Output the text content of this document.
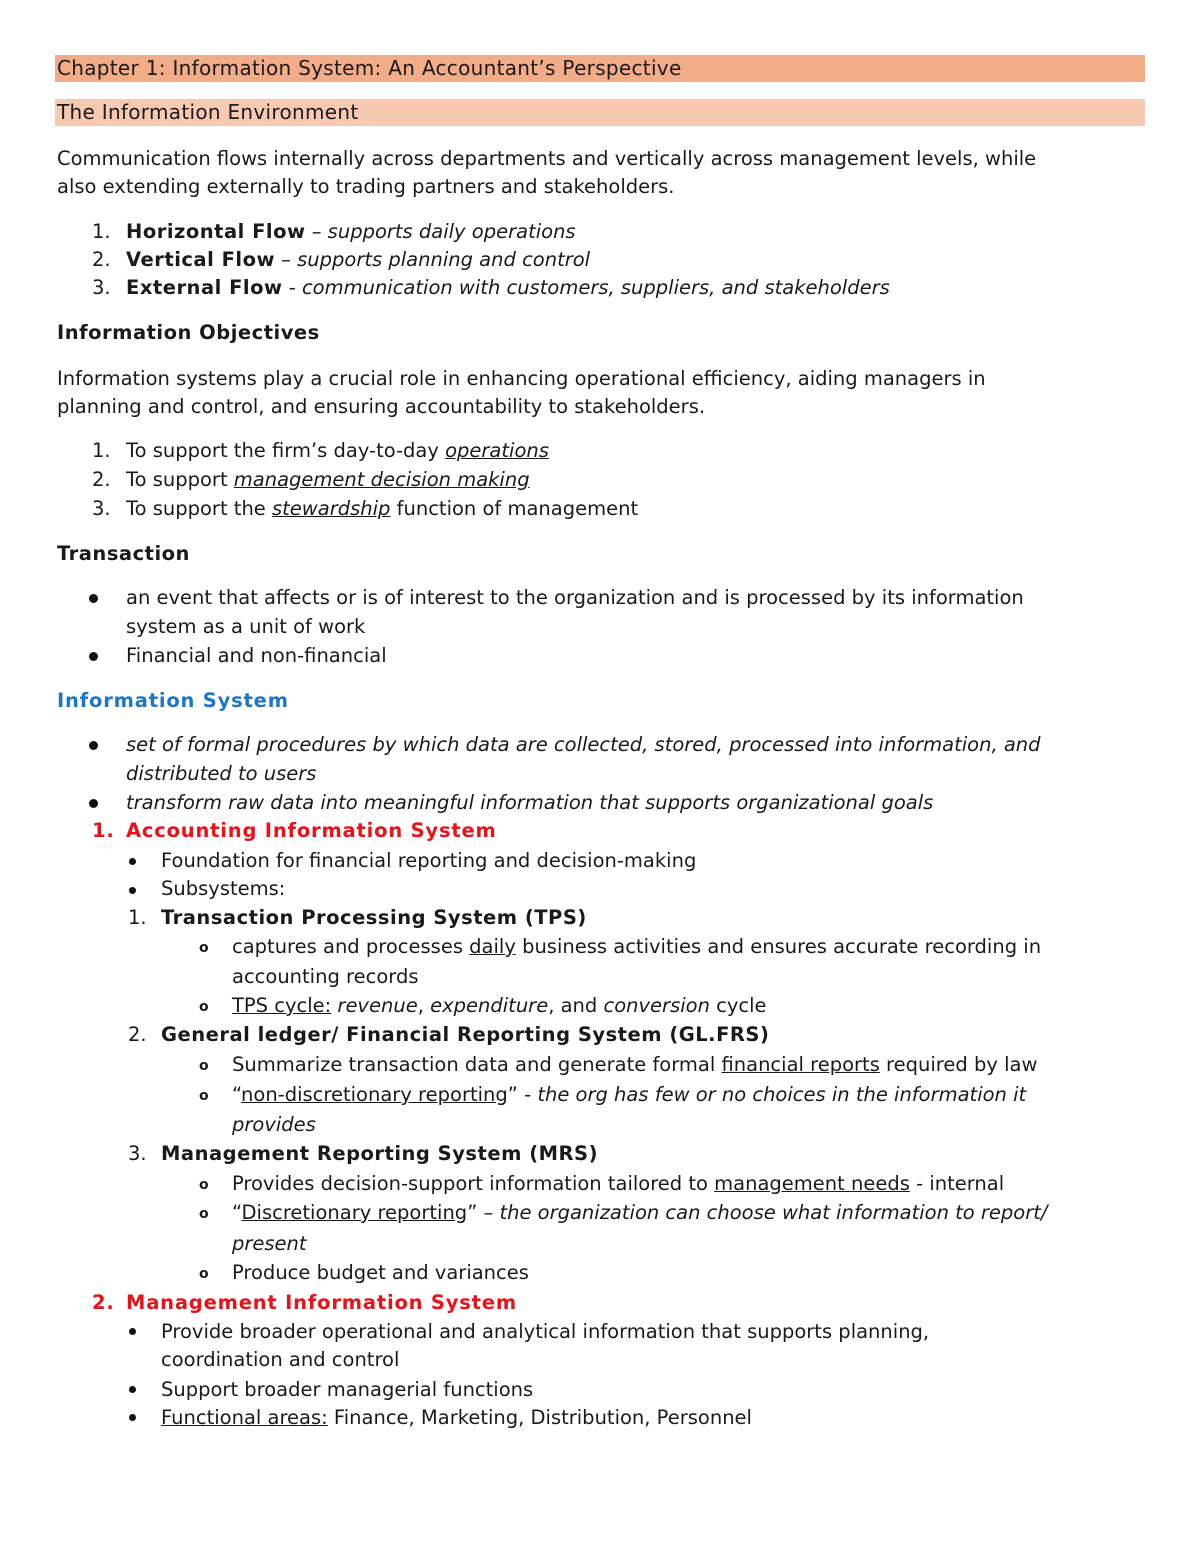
Chapter 1: Information System: An Accountant’s Perspective
The Information Environment
Communication flows internally across departments and vertically across management levels, while
also extending externally to trading partners and stakeholders.
1. Horizontal Flow – supports daily operations
2. Vertical Flow – supports planning and control
3. External Flow - communication with customers, suppliers, and stakeholders
Information Objectives
Information systems play a crucial role in enhancing operational efficiency, aiding managers in
planning and control, and ensuring accountability to stakeholders.
1. To support the firm’s day-to-day operations
2. To support management decision making
3. To support the stewardship function of management
Transaction
an event that affects or is of interest to the organization and is processed by its information
system as a unit of work
Financial and non-financial
Information System
set of formal procedures by which data are collected, stored, processed into information, and
distributed to users
transform raw data into meaningful information that supports organizational goals
1. Accounting Information System
Foundation for financial reporting and decision-making
Subsystems:
1. Transaction Processing System (TPS)
o captures and processes daily business activities and ensures accurate recording in
accounting records
o TPS cycle: revenue, expenditure, and conversion cycle
2. General ledger/ Financial Reporting System (GL.FRS)
o Summarize transaction data and generate formal financial reports required by law
o “non-discretionary reporting” - the org has few or no choices in the information it
provides
3. Management Reporting System (MRS)
o Provides decision-support information tailored to management needs - internal
o “Discretionary reporting” – the organization can choose what information to report/
present
o Produce budget and variances
2. Management Information System
Provide broader operational and analytical information that supports planning,
coordination and control
Support broader managerial functions
Functional areas: Finance, Marketing, Distribution, Personnel
